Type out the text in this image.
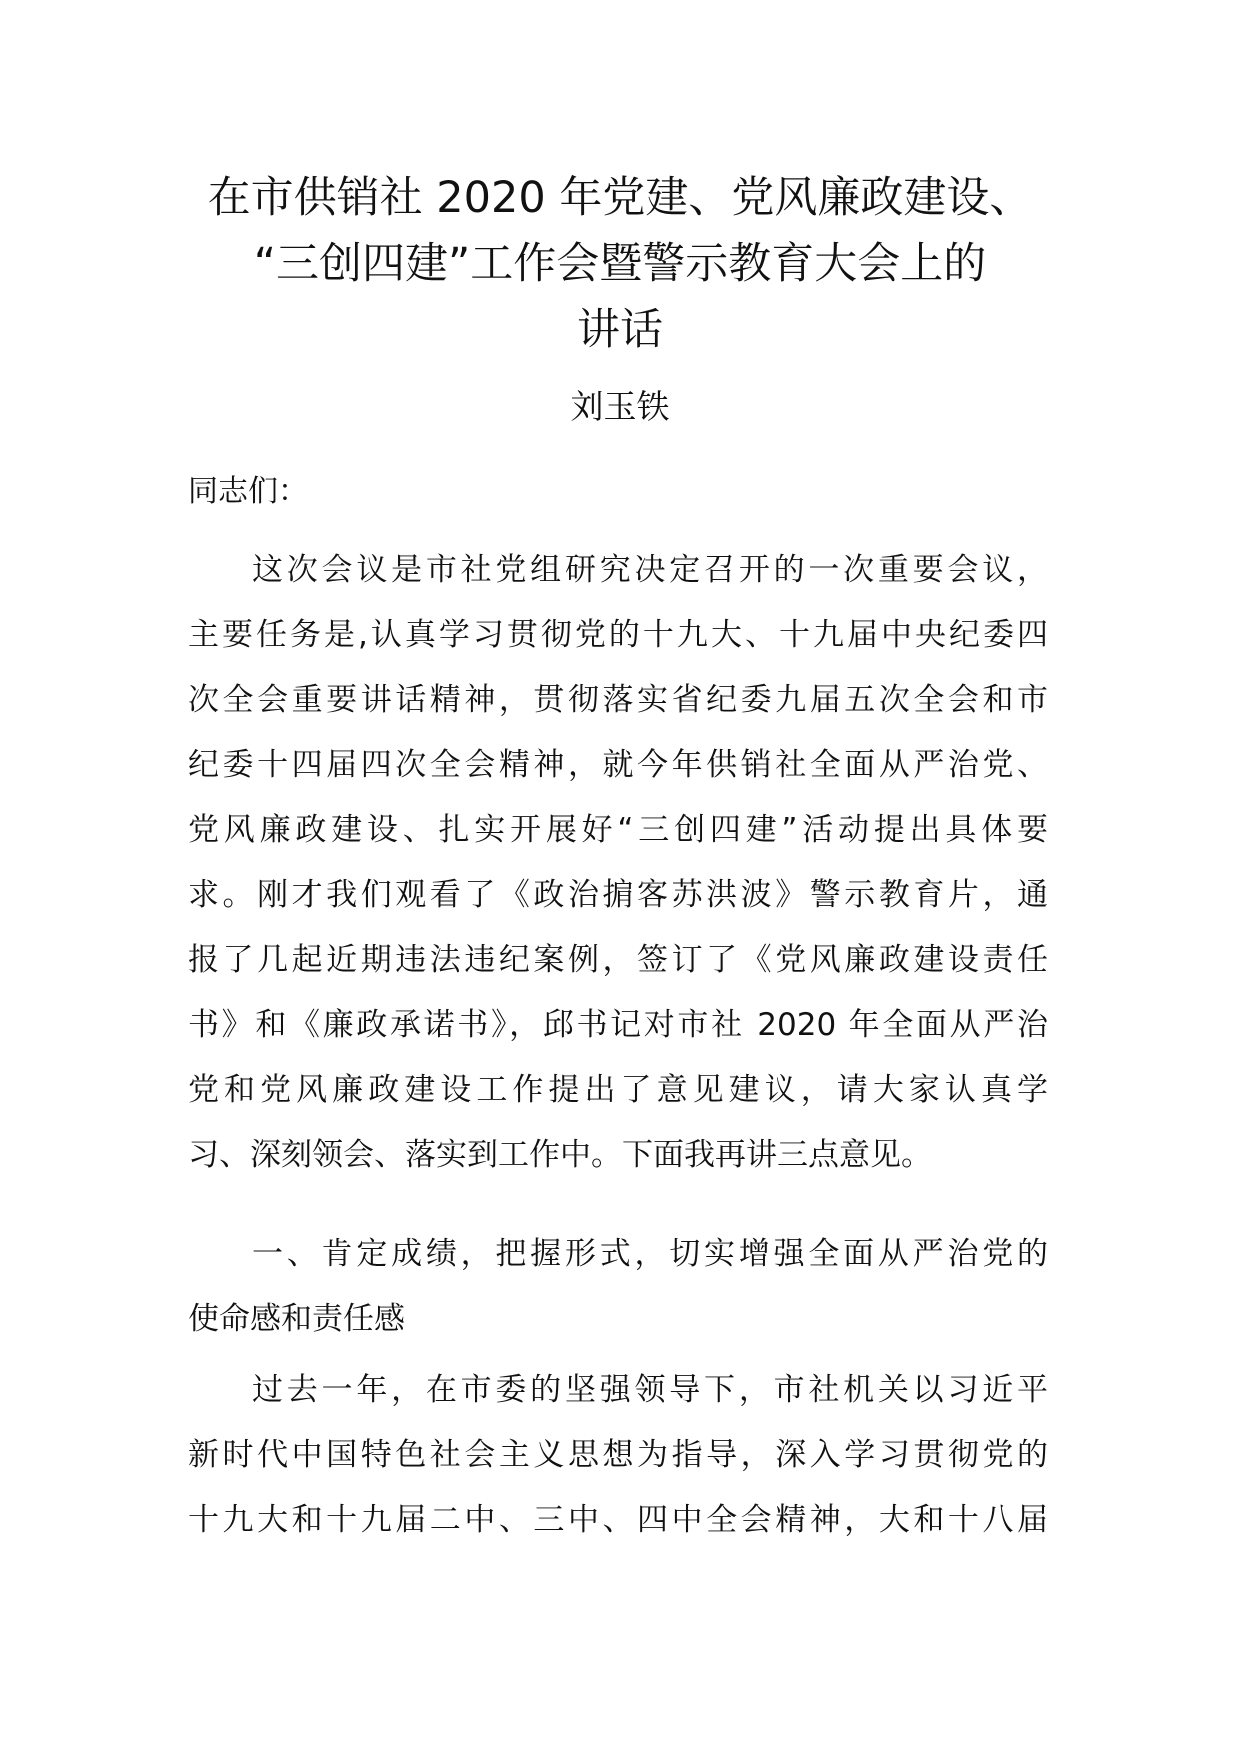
在市供销社 2020 年党建、党风廉政建设、
“三创四建”工作会暨警示教育大会上的
讲话
刘玉铁
同志们：
这次会议是市社党组研究决定召开的一次重要会议，
主要任务是,认真学习贯彻党的十九大、十九届中央纪委四
次全会重要讲话精神，贯彻落实省纪委九届五次全会和市
纪委十四届四次全会精神，就今年供销社全面从严治党、
党风廉政建设、扎实开展好“三创四建”活动提出具体要
求。刚才我们观看了《政治掮客苏洪波》警示教育片，通
报了几起近期违法违纪案例，签订了《党风廉政建设责任
书》和《廉政承诺书》，邱书记对市社 2020 年全面从严治
党和党风廉政建设工作提出了意见建议，请大家认真学
习、深刻领会、落实到工作中。下面我再讲三点意见。
一、肯定成绩，把握形式，切实增强全面从严治党的
使命感和责任感
过去一年，在市委的坚强领导下，市社机关以习近平
新时代中国特色社会主义思想为指导，深入学习贯彻党的
十九大和十九届二中、三中、四中全会精神，大和十八届
